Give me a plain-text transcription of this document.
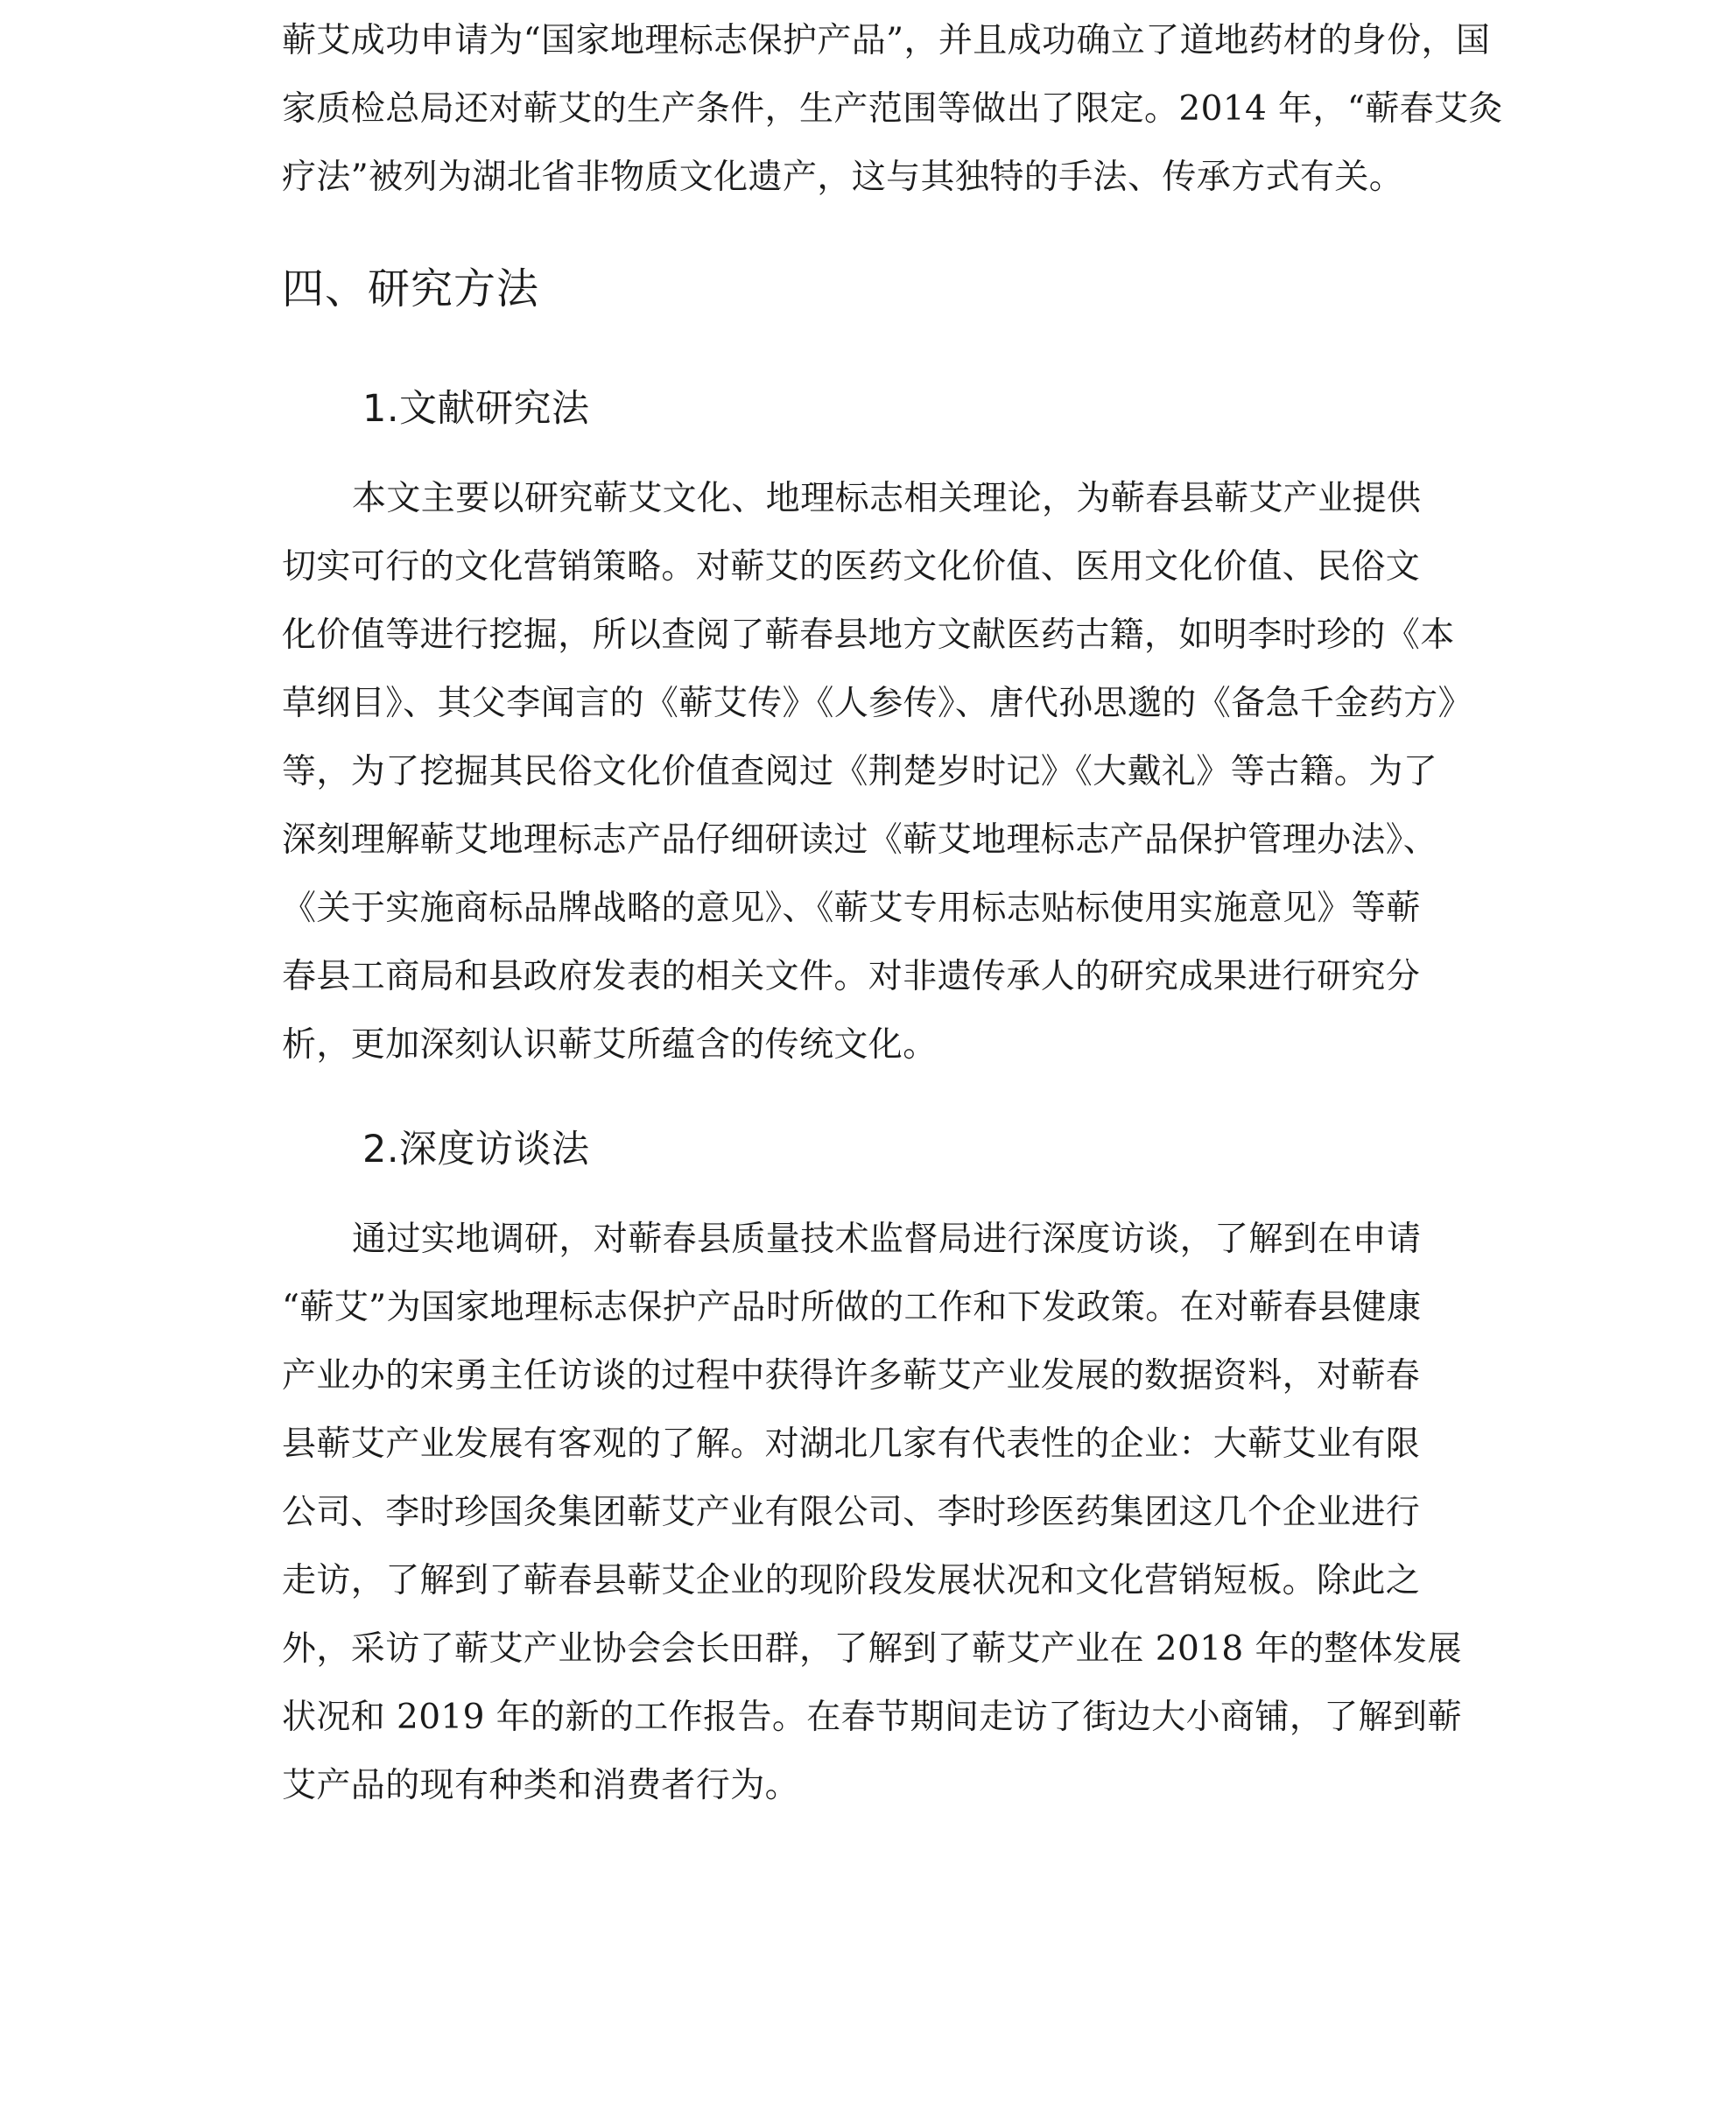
蕲艾成功申请为“国家地理标志保护产品”，并且成功确立了道地药材的身份，国
家质检总局还对蕲艾的生产条件，生产范围等做出了限定。2014 年，“蕲春艾灸
疗法”被列为湖北省非物质文化遗产，这与其独特的手法、传承方式有关。
四、研究方法
1.文献研究法
本文主要以研究蕲艾文化、地理标志相关理论，为蕲春县蕲艾产业提供
切实可行的文化营销策略。对蕲艾的医药文化价值、医用文化价值、民俗文
化价值等进行挖掘，所以查阅了蕲春县地方文献医药古籍，如明李时珍的《本
草纲目》、其父李闻言的《蕲艾传》《人参传》、唐代孙思邈的《备急千金药方》
等，为了挖掘其民俗文化价值查阅过《荆楚岁时记》《大戴礼》等古籍。为了
深刻理解蕲艾地理标志产品仔细研读过《蕲艾地理标志产品保护管理办法》、
《关于实施商标品牌战略的意见》、《蕲艾专用标志贴标使用实施意见》等蕲
春县工商局和县政府发表的相关文件。对非遗传承人的研究成果进行研究分
析，更加深刻认识蕲艾所蕴含的传统文化。
2.深度访谈法
通过实地调研，对蕲春县质量技术监督局进行深度访谈，了解到在申请
“蕲艾”为国家地理标志保护产品时所做的工作和下发政策。在对蕲春县健康
产业办的宋勇主任访谈的过程中获得许多蕲艾产业发展的数据资料，对蕲春
县蕲艾产业发展有客观的了解。对湖北几家有代表性的企业：大蕲艾业有限
公司、李时珍国灸集团蕲艾产业有限公司、李时珍医药集团这几个企业进行
走访，了解到了蕲春县蕲艾企业的现阶段发展状况和文化营销短板。除此之
外，采访了蕲艾产业协会会长田群，了解到了蕲艾产业在 2018 年的整体发展
状况和 2019 年的新的工作报告。在春节期间走访了街边大小商铺，了解到蕲
艾产品的现有种类和消费者行为。
